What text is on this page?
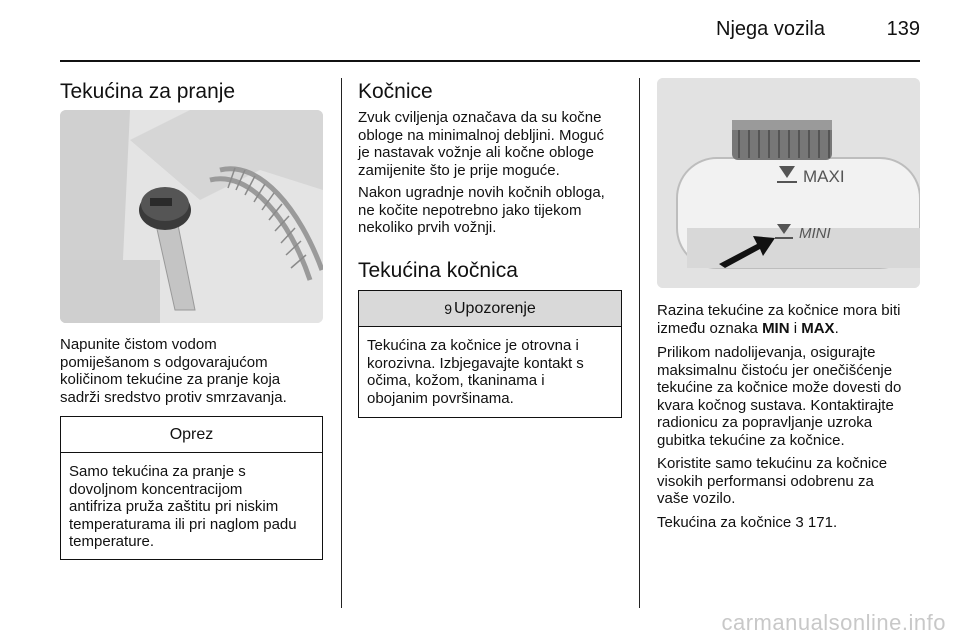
Njega vozila	139
Tekućina za pranje
Napunite čistom vodom
pomiješanom s odgovarajućom
količinom tekućine za pranje koja
sadrži sredstvo protiv smrzavanja.
Oprez
Samo tekućina za pranje s
dovoljnom koncentracijom
antifriza pruža zaštitu pri niskim
temperaturama ili pri naglom padu
temperature.
Kočnice
Zvuk cviljenja označava da su kočne
obloge na minimalnoj debljini. Moguć
je nastavak vožnje ali kočne obloge
zamijenite što je prije moguće.
Nakon ugradnje novih kočnih obloga,
ne kočite nepotrebno jako tijekom
nekoliko prvih vožnji.
Tekućina kočnica
9 Upozorenje
Tekućina za kočnice je otrovna i
korozivna. Izbjegavajte kontakt s
očima, kožom, tkaninama i
obojanim površinama.
MAXI
MINI
Razina tekućine za kočnice mora biti
između oznaka MIN i MAX.
Prilikom nadolijevanja, osigurajte
maksimalnu čistoću jer onečišćenje
tekućine za kočnice može dovesti do
kvara kočnog sustava. Kontaktirajte
radionicu za popravljanje uzroka
gubitka tekućine za kočnice.
Koristite samo tekućinu za kočnice
visokih performansi odobrenu za
vaše vozilo.
Tekućina za kočnice 3 171.
carmanualsonline.info
